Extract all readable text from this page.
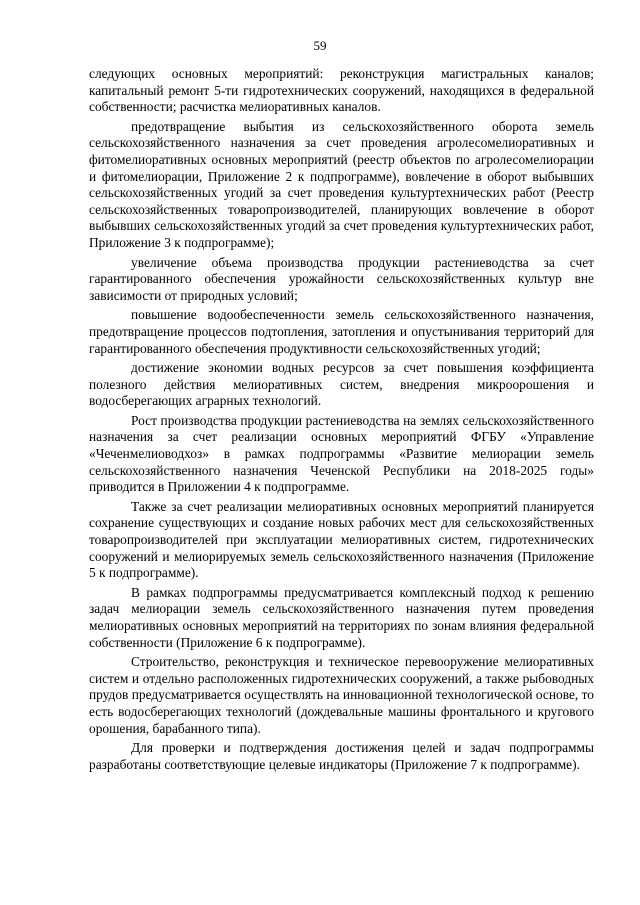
59

следующих основных мероприятий: реконструкция магистральных каналов; капитальный ремонт 5-ти гидротехнических сооружений, находящихся в федеральной собственности; расчистка мелиоративных каналов.

предотвращение выбытия из сельскохозяйственного оборота земель сельскохозяйственного назначения за счет проведения агролесомелиоративных и фитомелиоративных основных мероприятий (реестр объектов по агролесомелиорации и фитомелиорации, Приложение 2 к подпрограмме), вовлечение в оборот выбывших сельскохозяйственных угодий за счет проведения культуртехнических работ (Реестр сельскохозяйственных товаропроизводителей, планирующих вовлечение в оборот выбывших сельскохозяйственных угодий за счет проведения культуртехнических работ, Приложение 3 к подпрограмме);

увеличение объема производства продукции растениеводства за счет гарантированного обеспечения урожайности сельскохозяйственных культур вне зависимости от природных условий;

повышение водообеспеченности земель сельскохозяйственного назначения, предотвращение процессов подтопления, затопления и опустынивания территорий для гарантированного обеспечения продуктивности сельскохозяйственных угодий;

достижение экономии водных ресурсов за счет повышения коэффициента полезного действия мелиоративных систем, внедрения микроорошения и водосберегающих аграрных технологий.

Рост производства продукции растениеводства на землях сельскохозяйственного назначения за счет реализации основных мероприятий ФГБУ «Управление «Чеченмелиоводхоз» в рамках подпрограммы «Развитие мелиорации земель сельскохозяйственного назначения Чеченской Республики на 2018-2025 годы» приводится в Приложении 4 к подпрограмме.

Также за счет реализации мелиоративных основных мероприятий планируется сохранение существующих и создание новых рабочих мест для сельскохозяйственных товаропроизводителей при эксплуатации мелиоративных систем, гидротехнических сооружений и мелиорируемых земель сельскохозяйственного назначения (Приложение 5 к подпрограмме).

В рамках подпрограммы предусматривается комплексный подход к решению задач мелиорации земель сельскохозяйственного назначения путем проведения мелиоративных основных мероприятий на территориях по зонам влияния федеральной собственности (Приложение 6 к подпрограмме).

Строительство, реконструкция и техническое перевооружение мелиоративных систем и отдельно расположенных гидротехнических сооружений, а также рыбоводных прудов предусматривается осуществлять на инновационной технологической основе, то есть водосберегающих технологий (дождевальные машины фронтального и кругового орошения, барабанного типа).

Для проверки и подтверждения достижения целей и задач подпрограммы разработаны соответствующие целевые индикаторы (Приложение 7 к подпрограмме).
